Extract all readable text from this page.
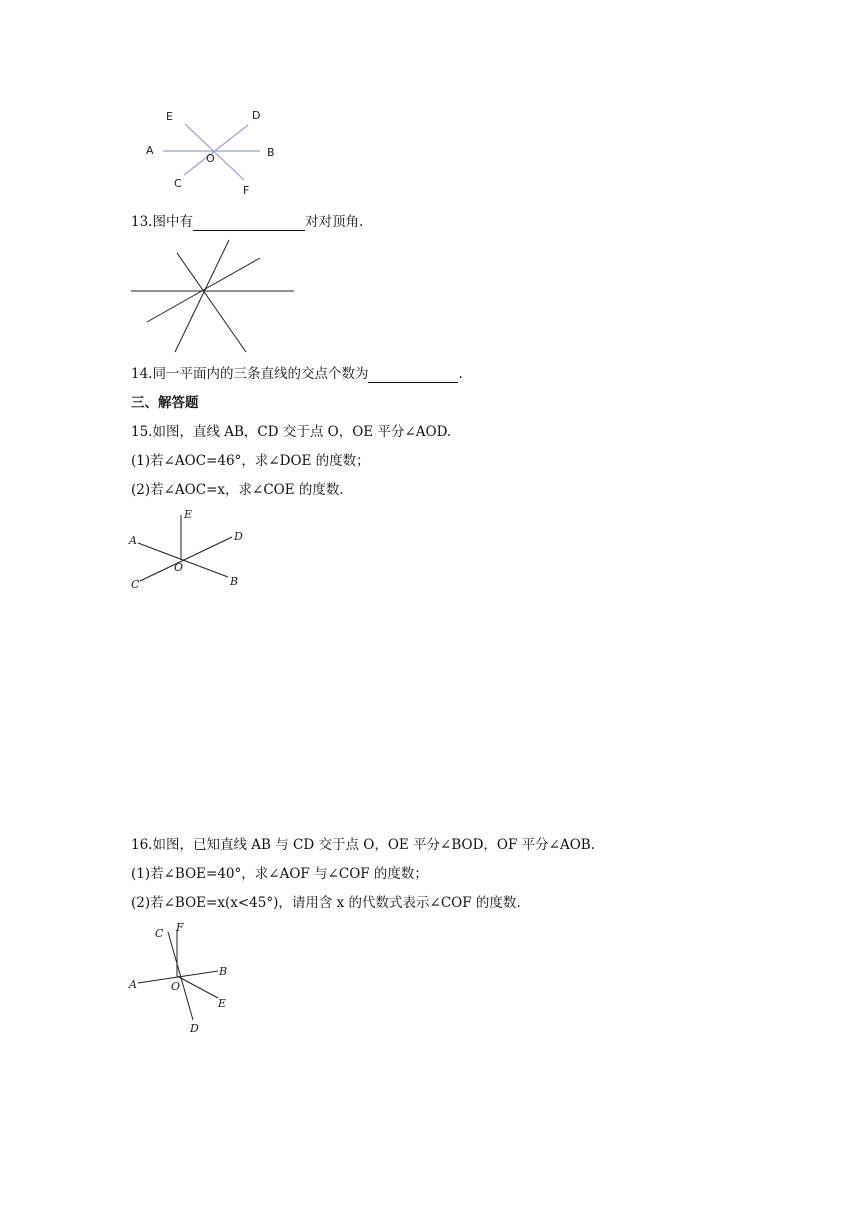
E	D
A
O	B
C
F
13.图中有	对对顶角.
14.同一平面内的三条直线的交点个数为	.
三、解答题
15.如图，直线 AB，CD 交于点 O，OE 平分∠AOD.
(1)若∠AOC=46°，求∠DOE 的度数；
(2)若∠AOC=x，求∠COE 的度数.
E
A	D
O
C	B
16.如图，已知直线 AB 与 CD 交于点 O，OE 平分∠BOD，OF 平分∠AOB.
(1)若∠BOE=40°，求∠AOF 与∠COF 的度数；
(2)若∠BOE=x(x<45°)，请用含 x 的代数式表示∠COF 的度数.
C F
B
A	O
E
D
